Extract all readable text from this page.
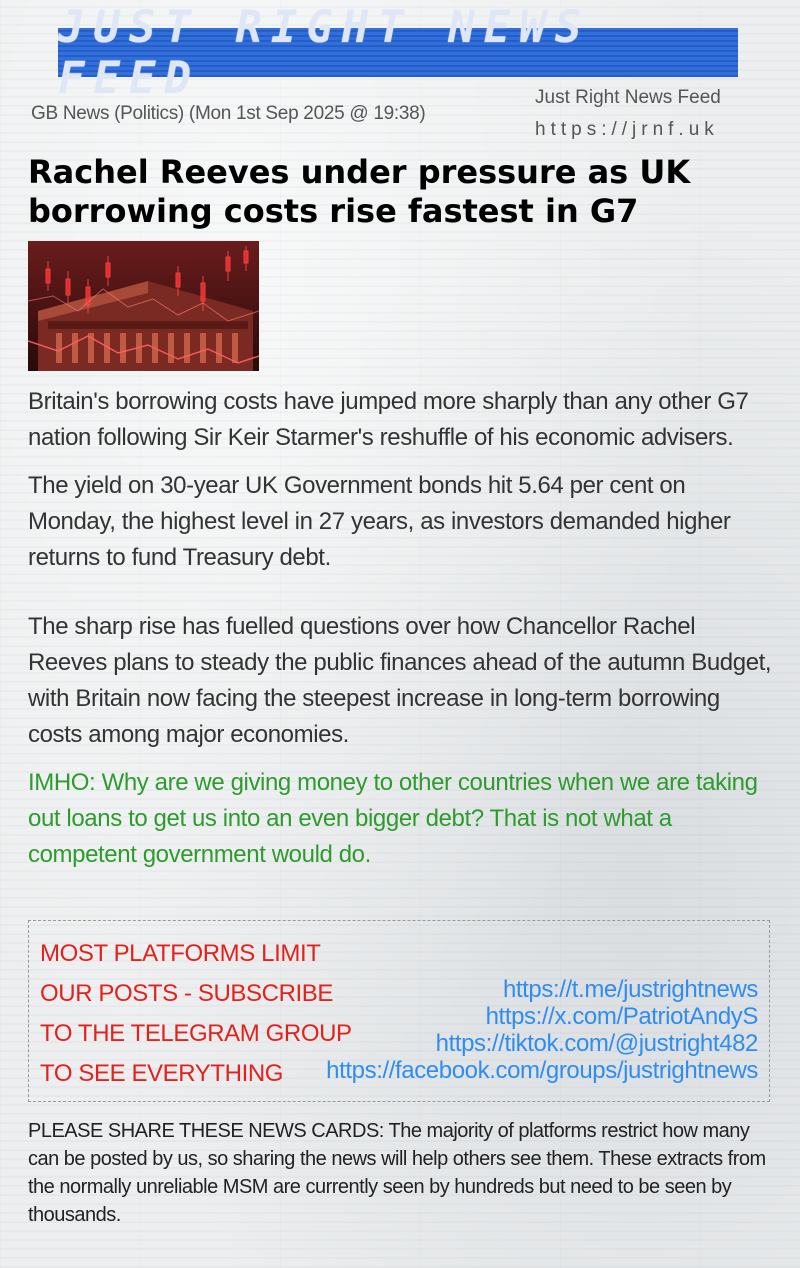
JUST RIGHT NEWS FEED
GB News (Politics) (Mon 1st Sep 2025 @ 19:38)
Just Right News Feed
https://jrnf.uk
Rachel Reeves under pressure as UK borrowing costs rise fastest in G7

Britain's borrowing costs have jumped more sharply than any other G7 nation following Sir Keir Starmer's reshuffle of his economic advisers.

The yield on 30-year UK Government bonds hit 5.64 per cent on Monday, the highest level in 27 years, as investors demanded higher returns to fund Treasury debt.

The sharp rise has fuelled questions over how Chancellor Rachel Reeves plans to steady the public finances ahead of the autumn Budget, with Britain now facing the steepest increase in long-term borrowing costs among major economies.

IMHO: Why are we giving money to other countries when we are taking out loans to get us into an even bigger debt? That is not what a competent government would do.

MOST PLATFORMS LIMIT
OUR POSTS - SUBSCRIBE
TO THE TELEGRAM GROUP
TO SEE EVERYTHING
https://t.me/justrightnews
https://x.com/PatriotAndyS
https://tiktok.com/@justright482
https://facebook.com/groups/justrightnews
PLEASE SHARE THESE NEWS CARDS: The majority of platforms restrict how many can be posted by us, so sharing the news will help others see them. These extracts from the normally unreliable MSM are currently seen by hundreds but need to be seen by thousands.
